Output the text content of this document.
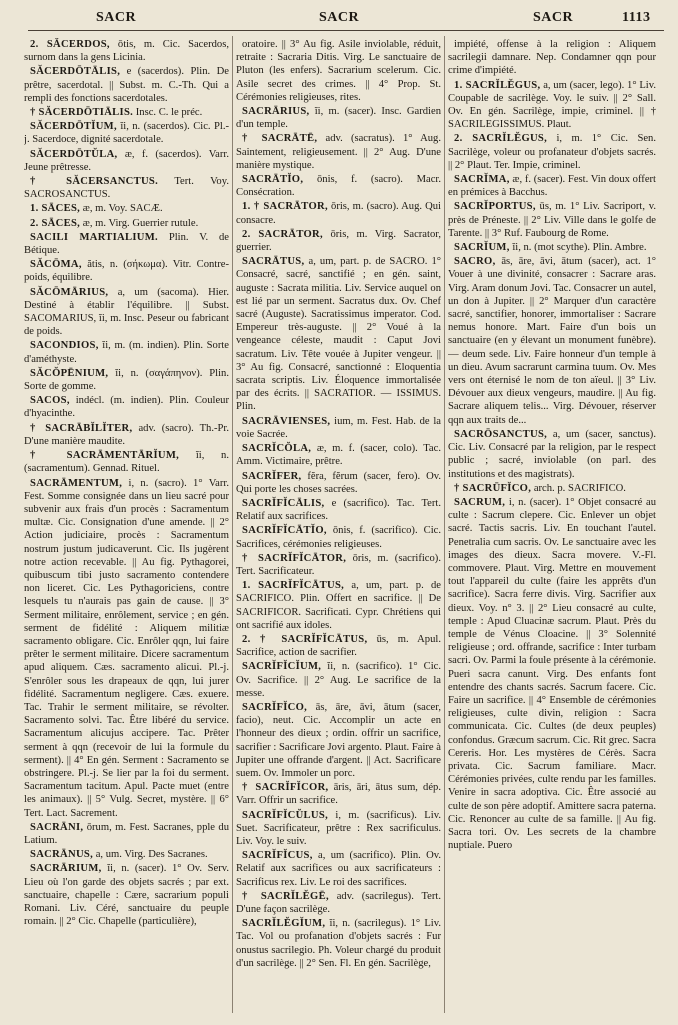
SACR	SACR	SACR	1113

2. SĂCERDOS, ōtis, m. Cic. Sacerdos, surnom dans la gens Licinia.

SĂCERDŌTĀLIS, e (sacerdos). Plin. De prêtre, sacerdotal. || Subst. m. C.-Th. Qui a rempli des fonctions sacerdotales.

† SĂCERDŌTIĀLIS. Insc. C. le préc.

SĂCERDŌTĬUM, ĭi, n. (sacerdos). Cic. Pl.-j. Sacerdoce, dignité sacerdotale.

SĂCERDŌTŬLA, æ, f. (sacerdos). Varr. Jeune prêtresse.

† SĂCERSANCTUS. Tert. Voy. SACROSANCTUS.

1. SĀCES, æ, m. Voy. SACÆ.

2. SĀCES, æ, m. Virg. Guerrier rutule.

SACILI MARTIALIUM. Plin. V. de Bétique.

SĂCŌMA, ătis, n. (σήκωμα). Vitr. Contre-poids, équilibre.

SĂCŌMĀRIUS, a, um (sacoma). Hier. Destiné à établir l'équilibre. || Subst. SACOMARIUS, ĭi, m. Insc. Peseur ou fabricant de poids.

SACONDIOS, ĭi, m. (m. indien). Plin. Sorte d'améthyste.

SĂCŎPĒNIUM, ĭi, n. (σαγάπηνον). Plin. Sorte de gomme.

SACOS, indécl. (m. indien). Plin. Couleur d'hyacinthe.

† SACRĀBĬLĬTER, adv. (sacro). Th.-Pr. D'une manière maudite.

† SACRĀMENTĀRĬUM, ĭi, n. (sacramentum). Gennad. Rituel.

SACRĀMENTUM, i, n. (sacro). 1° Varr. Fest. Somme consignée dans un lieu sacré pour subvenir aux frais d'un procès : Sacramentum multæ. Cic. Consignation d'une amende. || 2° Action judiciaire, procès : Sacramentum nostrum justum judicaverunt. Cic. Ils jugèrent notre action recevable. || Au fig. Pythagorei, quibuscum tibi justo sacramento contendere non liceret. Cic. Les Pythagoriciens, contre lesquels tu n'aurais pas gain de cause. || 3° Serment militaire, enrôlement, service ; en gén. serment de fidélité : Aliquem militiæ sacramento obligare. Cic. Enrôler qqn, lui faire prêter le serment militaire. Dicere sacramentum apud aliquem. Cæs. sacramento alicui. Pl.-j. S'enrôler sous les drapeaux de qqn, lui jurer fidélité. Sacramentum negligere. Cæs. exuere. Tac. Trahir le serment militaire, se révolter. Sacramento solvi. Tac. Être libéré du service. Sacramentum alicujus accipere. Tac. Prêter serment à qqn (recevoir de lui la formule du serment). || 4° En gén. Serment : Sacramento se obstringere. Pl.-j. Se lier par la foi du serment. Sacramentum tacitum. Apul. Pacte muet (entre les animaux). || 5° Vulg. Secret, mystère. || 6° Tert. Lact. Sacrement.

SACRĀNI, ōrum, m. Fest. Sacranes, pple du Latium.

SACRĀNUS, a, um. Virg. Des Sacranes.

SACRĀRIUM, ĭi, n. (sacer). 1° Ov. Serv. Lieu où l'on garde des objets sacrés ; par ext. sanctuaire, chapelle : Cære, sacrarium populi Romani. Liv. Céré, sanctuaire du peuple romain. || 2° Cic. Chapelle (particulière),

oratoire. || 3° Au fig. Asile inviolable, réduit, retraite : Sacraria Ditis. Virg. Le sanctuaire de Pluton (les enfers). Sacrarium scelerum. Cic. Asile secret des crimes. || 4° Prop. St. Cérémonies religieuses, rites.

SACRĀRIUS, ĭi, m. (sacer). Insc. Gardien d'un temple.

† SACRĀTĒ, adv. (sacratus). 1° Aug. Saintement, religieusement. || 2° Aug. D'une manière mystique.

SACRĀTĬO, ōnis, f. (sacro). Macr. Consécration.

1. † SACRĀTOR, ōris, m. (sacro). Aug. Qui consacre.

2. SACRĀTOR, ōris, m. Virg. Sacrator, guerrier.

SACRĀTUS, a, um, part. p. de SACRO. 1° Consacré, sacré, sanctifié ; en gén. saint, auguste : Sacrata militia. Liv. Service auquel on est lié par un serment. Sacratus dux. Ov. Chef sacré (Auguste). Sacratissimus imperator. Cod. Empereur très-auguste. || 2° Voué à la vengeance céleste, maudit : Caput Jovi sacratum. Liv. Tête vouée à Jupiter vengeur. || 3° Au fig. Consacré, sanctionné : Eloquentia sacrata scriptis. Liv. Éloquence immortalisée par des écrits. || SACRATIOR. — ISSIMUS. Plin.

SACRĀVIENSES, ium, m. Fest. Hab. de la voie Sacrée.

SACRĬCŎLA, æ, m. f. (sacer, colo). Tac. Amm. Victimaire, prêtre.

SACRĬFER, fĕra, fĕrum (sacer, fero). Ov. Qui porte les choses sacrées.

SACRĬFĬCĀLIS, e (sacrifico). Tac. Tert. Relatif aux sacrifices.

SACRĬFĬCĀTĬO, ōnis, f. (sacrifico). Cic. Sacrifices, cérémonies religieuses.

† SACRĬFĬCĀTOR, ōris, m. (sacrifico). Tert. Sacrificateur.

1. SACRĬFĬCĀTUS, a, um, part. p. de SACRIFICO. Plin. Offert en sacrifice. || De SACRIFICOR. Sacrificati. Cypr. Chrétiens qui ont sacrifié aux idoles.

2. † SACRĬFĬCĀTUS, ūs, m. Apul. Sacrifice, action de sacrifier.

SACRĬFĬCĬUM, ĭi, n. (sacrifico). 1° Cic. Ov. Sacrifice. || 2° Aug. Le sacrifice de la messe.

SACRĬFĬCO, ās, āre, āvi, ātum (sacer, facio), neut. Cic. Accomplir un acte en l'honneur des dieux ; ordin. offrir un sacrifice, sacrifier : Sacrificare Jovi argento. Plaut. Faire à Jupiter une offrande d'argent. || Act. Sacrificare suem. Ov. Immoler un porc.

† SACRĬFĬCOR, āris, āri, ātus sum, dép. Varr. Offrir un sacrifice.

SACRĬFĬCŬLUS, i, m. (sacrificus). Liv. Suet. Sacrificateur, prêtre : Rex sacrificulus. Liv. Voy. le suiv.

SACRĬFĬCUS, a, um (sacrifico). Plin. Ov. Relatif aux sacrifices ou aux sacrificateurs : Sacrificus rex. Liv. Le roi des sacrifices.

† SACRĬLĔGĒ, adv. (sacrilegus). Tert. D'une façon sacrilège.

SACRĬLĔGĬUM, ĭi, n. (sacrilegus). 1° Liv. Tac. Vol ou profanation d'objets sacrés : Fur onustus sacrilegio. Ph. Voleur chargé du produit d'un sacrilège. || 2° Sen. Fl. En gén. Sacrilège,

impiété, offense à la religion : Aliquem sacrilegii damnare. Nep. Condamner qqn pour crime d'impiété.

1. SACRĬLĔGUS, a, um (sacer, lego). 1° Liv. Coupable de sacrilège. Voy. le suiv. || 2° Sall. Ov. En gén. Sacrilège, impie, criminel. || † SACRILEGISSIMUS. Plaut.

2. SACRĬLĔGUS, i, m. 1° Cic. Sen. Sacrilège, voleur ou profanateur d'objets sacrés. || 2° Plaut. Ter. Impie, criminel.

SACRĬMA, æ, f. (sacer). Fest. Vin doux offert en prémices à Bacchus.

SACRĬPORTUS, ūs, m. 1° Liv. Sacriport, v. près de Préneste. || 2° Liv. Ville dans le golfe de Tarente. || 3° Ruf. Faubourg de Rome.

SACRĬUM, ĭi, n. (mot scythe). Plin. Ambre.

SACRO, ās, āre, āvi, ātum (sacer), act. 1° Vouer à une divinité, consacrer : Sacrare aras. Virg. Aram donum Jovi. Tac. Consacrer un autel, un don à Jupiter. || 2° Marquer d'un caractère sacré, sanctifier, honorer, immortaliser : Sacrare nemus honore. Mart. Faire d'un bois un sanctuaire (en y élevant un monument funèbre). — deum sede. Liv. Faire honneur d'un temple à un dieu. Avum sacrarunt carmina tuum. Ov. Mes vers ont éternisé le nom de ton aïeul. || 3° Liv. Dévouer aux dieux vengeurs, maudire. || Au fig. Sacrare aliquem telis... Virg. Dévouer, réserver qqn aux traits de...

SACRŌSANCTUS, a, um (sacer, sanctus). Cic. Liv. Consacré par la religion, par le respect public ; sacré, inviolable (on parl. des institutions et des magistrats).

† SACRŪFĬCO, arch. p. SACRIFICO.

SACRUM, i, n. (sacer). 1° Objet consacré au culte : Sacrum clepere. Cic. Enlever un objet sacré. Tactis sacris. Liv. En touchant l'autel. Penetralia cum sacris. Ov. Le sanctuaire avec les images des dieux. Sacra movere. V.-Fl. commovere. Plaut. Virg. Mettre en mouvement tout l'appareil du culte (faire les apprêts d'un sacrifice). Sacra ferre divis. Virg. Sacrifier aux dieux. Voy. n° 3. || 2° Lieu consacré au culte, temple : Apud Cluacinæ sacrum. Plaut. Près du temple de Vénus Cloacine. || 3° Solennité religieuse ; ord. offrande, sacrifice : Inter turbam sacri. Ov. Parmi la foule présente à la cérémonie. Pueri sacra canunt. Virg. Des enfants font entendre des chants sacrés. Sacrum facere. Cic. Faire un sacrifice. || 4° Ensemble de cérémonies religieuses, culte divin, religion : Sacra communicata. Cic. Cultes (de deux peuples) confondus. Græcum sacrum. Cic. Rit grec. Sacra Cereris. Hor. Les mystères de Cérès. Sacra privata. Cic. Sacrum familiare. Macr. Cérémonies privées, culte rendu par les familles. Venire in sacra adoptiva. Cic. Être associé au culte de son père adoptif. Amittere sacra paterna. Cic. Renoncer au culte de sa famille. || Au fig. Sacra tori. Ov. Les secrets de la chambre nuptiale. Puero
